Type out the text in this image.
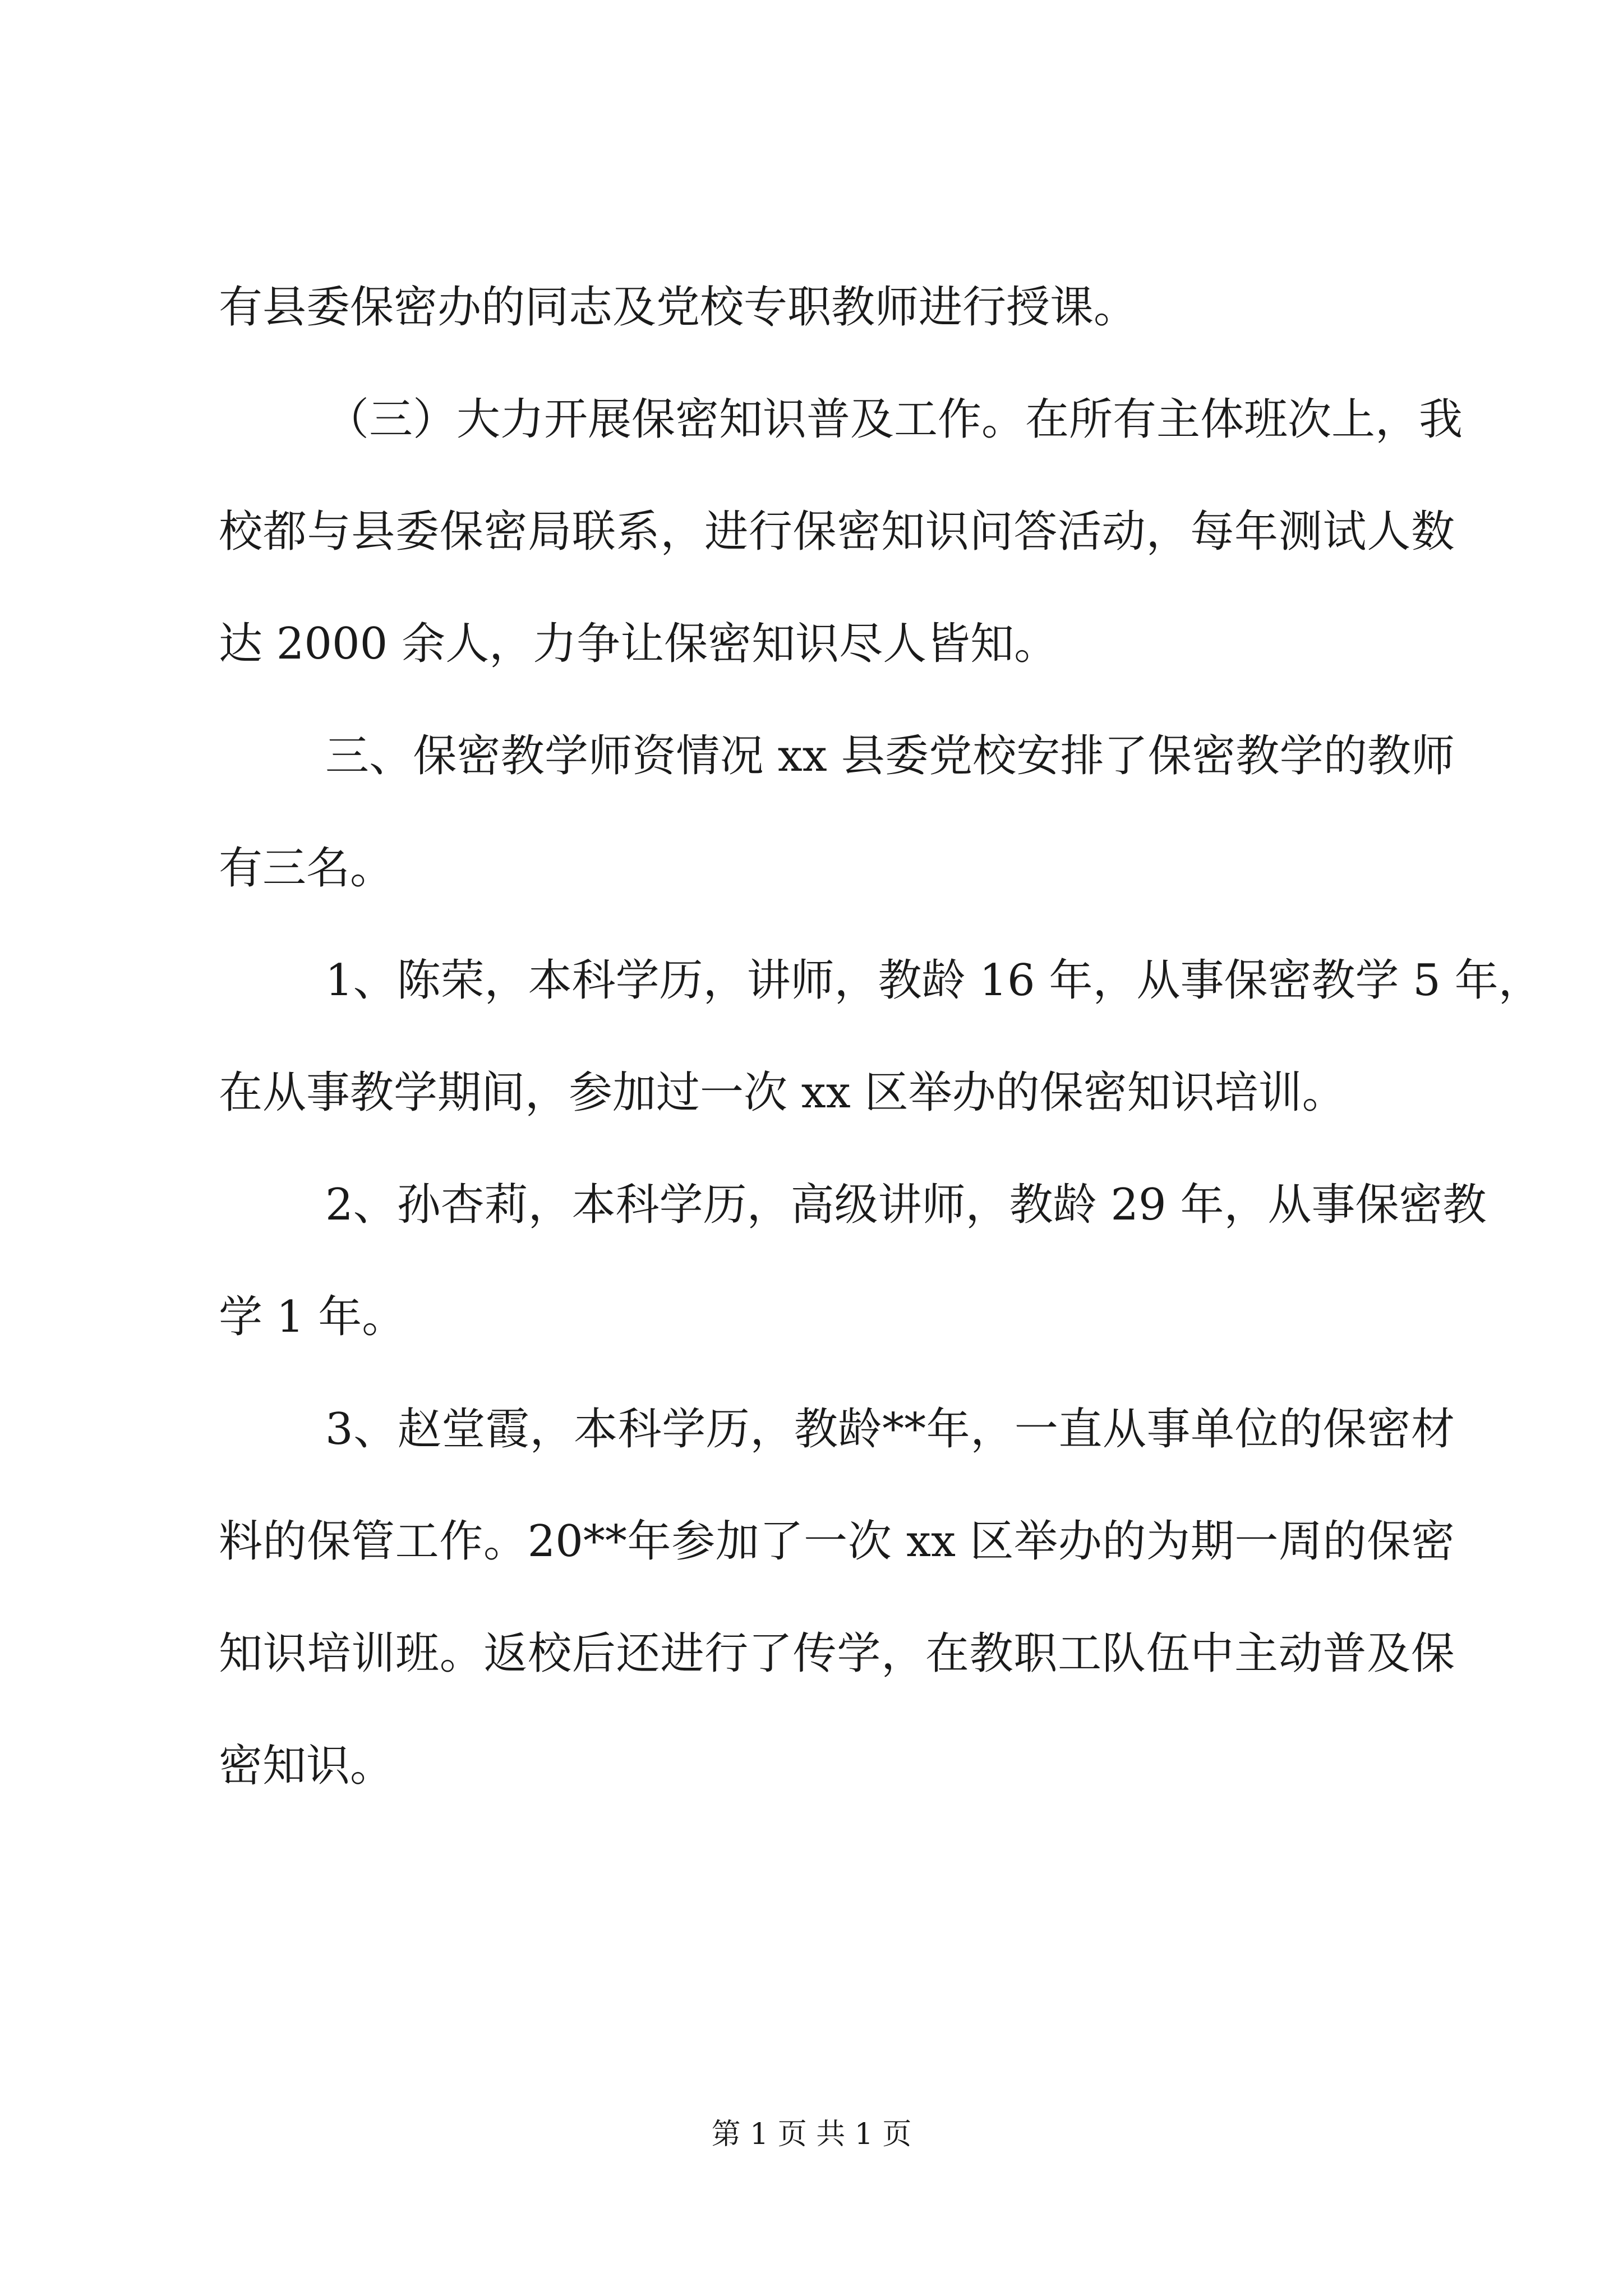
有县委保密办的同志及党校专职教师进行授课。

（三）大力开展保密知识普及工作。在所有主体班次上，我

校都与县委保密局联系，进行保密知识问答活动，每年测试人数

达 2000 余人，力争让保密知识尽人皆知。

三、保密教学师资情况 xx 县委党校安排了保密教学的教师

有三名。

1、陈荣，本科学历，讲师，教龄 16 年，从事保密教学 5 年，

在从事教学期间，参加过一次 xx 区举办的保密知识培训。

2、孙杏莉，本科学历，高级讲师，教龄 29 年，从事保密教

学 1 年。

3、赵堂霞，本科学历，教龄**年，一直从事单位的保密材

料的保管工作。20**年参加了一次 xx 区举办的为期一周的保密

知识培训班。返校后还进行了传学，在教职工队伍中主动普及保

密知识。

第 1 页 共 1 页
